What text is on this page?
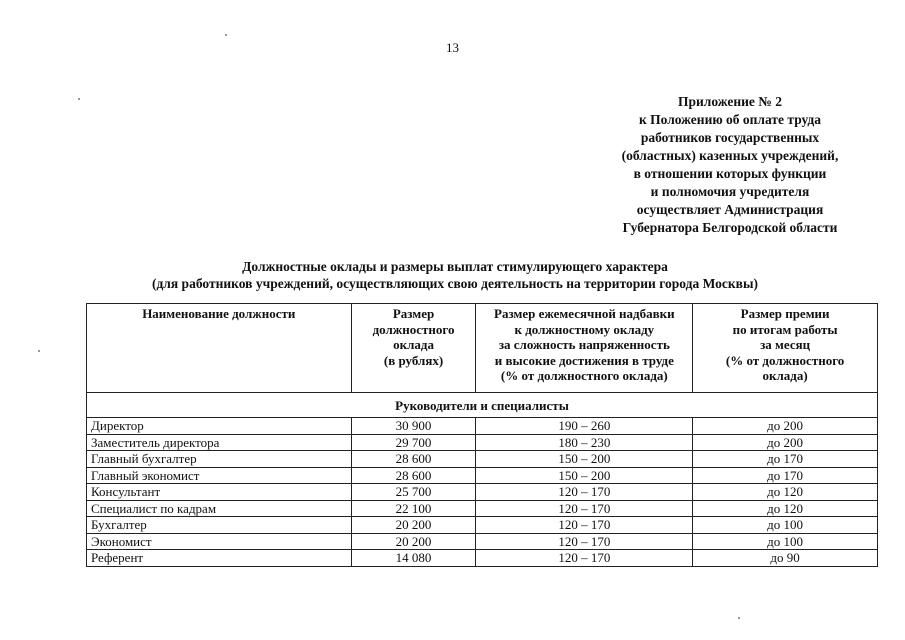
13
Приложение № 2
к Положению об оплате труда
работников государственных
(областных) казенных учреждений,
в отношении которых функции
и полномочия учредителя
осуществляет Администрация
Губернатора Белгородской области
Должностные оклады и размеры выплат стимулирующего характера
(для работников учреждений, осуществляющих свою деятельность на территории города Москвы)
Наименование должности	Размер
должностного
оклада
(в рублях)	Размер ежемесячной надбавки
к должностному окладу
за сложность напряженность
и высокие достижения в труде
(% от должностного оклада)	Размер премии
по итогам работы
за месяц
(% от должностного
оклада)

Руководители и специалисты			
Директор	30 900	190 – 260	до 200
Заместитель директора	29 700	180 – 230	до 200
Главный бухгалтер	28 600	150 – 200	до 170
Главный экономист	28 600	150 – 200	до 170
Консультант	25 700	120 – 170	до 120
Специалист по кадрам	22 100	120 – 170	до 120
Бухгалтер	20 200	120 – 170	до 100
Экономист	20 200	120 – 170	до 100
Референт	14 080	120 – 170	до 90
